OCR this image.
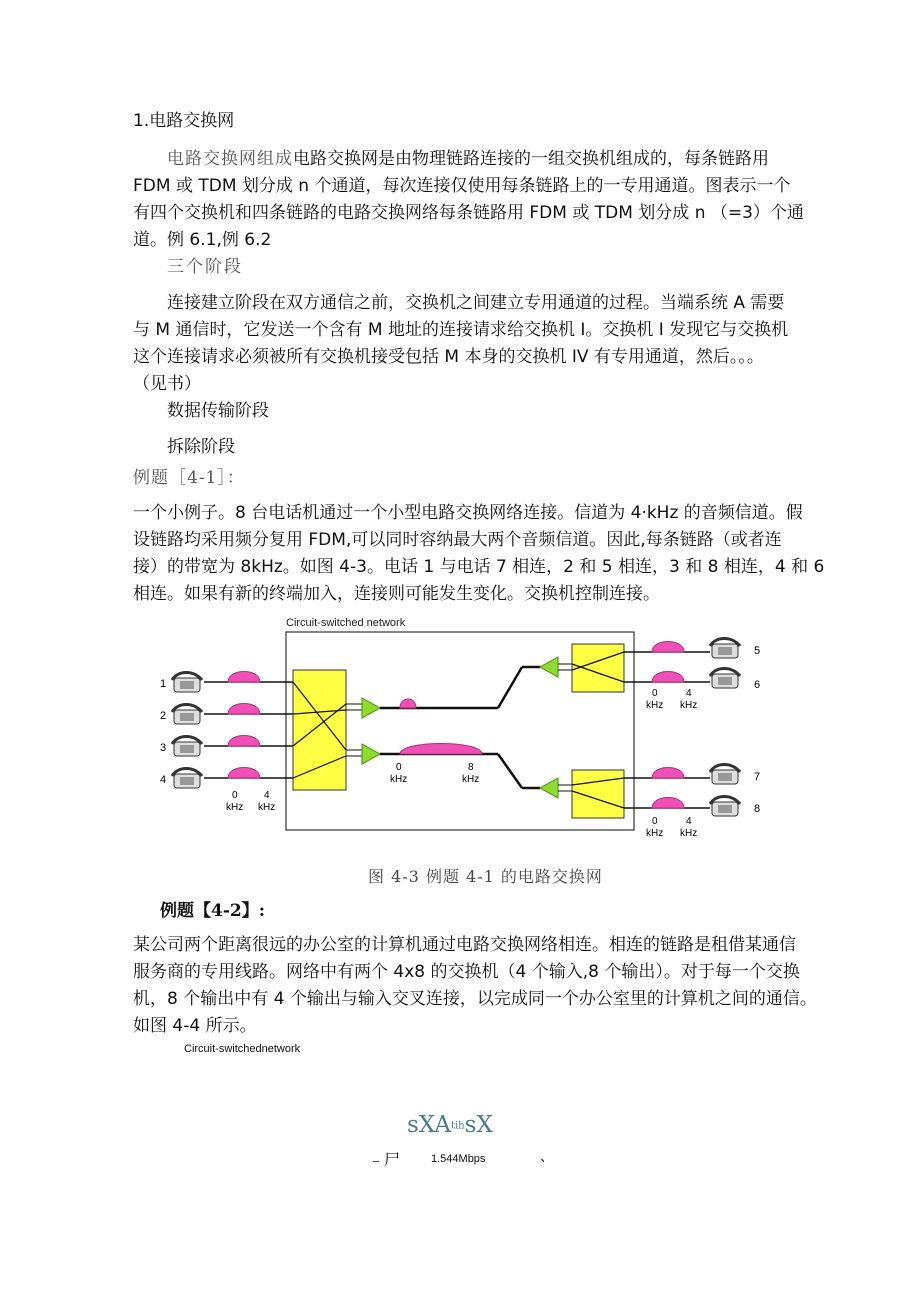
1.电路交换网
电路交换网组成电路交换网是由物理链路连接的一组交换机组成的，每条链路用
FDM 或 TDM 划分成 n 个通道，每次连接仅使用每条链路上的一专用通道。图表示一个
有四个交换机和四条链路的电路交换网络每条链路用 FDM 或 TDM 划分成 n （=3）个通
道。例 6.1,例 6.2
三个阶段
连接建立阶段在双方通信之前，交换机之间建立专用通道的过程。当端系统 A 需要
与 M 通信时，它发送一个含有 M 地址的连接请求给交换机 I。交换机 I 发现它与交换机
这个连接请求必须被所有交换机接受包括 M 本身的交换机 IV 有专用通道，然后。。。
（见书）
数据传输阶段
拆除阶段
例题［4-1］：
一个小例子。8 台电话机通过一个小型电路交换网络连接。信道为 4·kHz 的音频信道。假
设链路均采用频分复用 FDM,可以同时容纳最大两个音频信道。因此,每条链路（或者连
接）的带宽为 8kHz。如图 4-3。电话 1 与电话 7 相连，2 和 5 相连，3 和 8 相连，4 和 6
相连。如果有新的终端加入，连接则可能发生变化。交换机控制连接。
Circuit-switched network
1
2
3
4
0
kHz
4
kHz
0
kHz
8
kHz
5
6
0
kHz
4
kHz
7
8
0
kHz
4
kHz
图 4-3 例题 4-1 的电路交换网
例题【4-2】:
某公司两个距离很远的办公室的计算机通过电路交换网络相连。相连的链路是租借某通信
服务商的专用线路。网络中有两个 4x8 的交换机（4 个输入,8 个输出）。对于每一个交换
机，8 个输出中有 4 个输出与输入交叉连接，以完成同一个办公室里的计算机之间的通信。
如图 4-4 所示。
Circuit-switchednetwork
sXAtihsX
﹣尸	1.544Mbps	、
